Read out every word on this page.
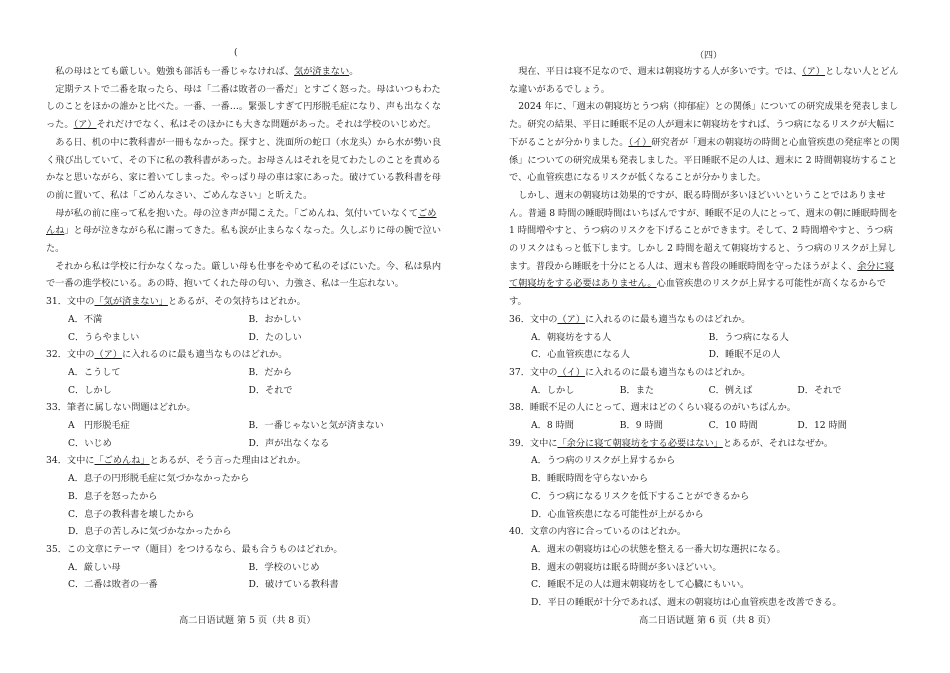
(

私の母はとても厳しい。勉強も部活も一番じゃなければ、気が済まない。

定期テストで二番を取ったら、母は「二番は敗者の一番だ」とすごく怒った。母はいつもわたしのことをほかの誰かと比べた。一番、一番…。緊張しすぎて円形脱毛症になり、声も出なくなった。（ア）それだけでなく、私はそのほかにも大きな問題があった。それは学校のいじめだ。

ある日、机の中に教科書が一冊もなかった。探すと、洗面所の蛇口（水龙头）から水が勢い良く飛び出していて、その下に私の教科書があった。お母さんはそれを見てわたしのことを責めるかなと思いながら、家に着いてしまった。やっぱり母の車は家にあった。破けている教科書を母の前に置いて、私は「ごめんなさい、ごめんなさい」と昕えた。

母が私の前に座って私を抱いた。母の泣き声が聞こえた。「ごめんね、気付いていなくてごめんね」と母が泣きながら私に謝ってきた。私も涙が止まらなくなった。久しぶりに母の腕で泣いた。

それから私は学校に行かなくなった。厳しい母も仕事をやめて私のそばにいた。今、私は県内で一番の進学校にいる。あの時、抱いてくれた母の匂い、力強さ、私は一生忘れない。

31．文中の「気が済まない」とあるが、その気持ちはどれか。

A．不満	B．おかしい
C．うらやましい	D．たのしい

32．文中の（ア）に入れるのに最も適当なものはどれか。

A．こうして	B．だから
C．しかし	D．それで

33．筆者に属しない問題はどれか。

A　円形脱毛症	B．一番じゃないと気が済まない
C．いじめ	D．声が出なくなる

34．文中に「ごめんね」とあるが、そう言った理由はどれか。

A．息子の円形脱毛症に気づかなかったから
B．息子を怒ったから
C．息子の教科書を壊したから
D．息子の苦しみに気づかなかったから

35．この文章にテーマ（題目）をつけるなら、最も合うものはどれか。

A．厳しい母	B．学校のいじめ
C．二番は敗者の一番	D．破けている教科書
高二日语试题 第 5 页（共 8 页）
（四）

現在、平日は寝不足なので、週末は朝寝坊する人が多いです。では、（ア）としない人とどんな違いがあるでしょう。

2024 年に、「週末の朝寝坊とうつ病（抑郁症）との関係」についての研究成果を発表しました。研究の結果、平日に睡眠不足の人が週末に朝寝坊をすれば、うつ病になるリスクが大幅に下がることが分かりました。（イ）研究者が「週末の朝寝坊の時間と心血管疾患の発症率との関係」についての研究成果も発表しました。平日睡眠不足の人は、週末に 2 時間朝寝坊することで、心血管疾患になるリスクが低くなることが分かりました。

しかし、週末の朝寝坊は効果的ですが、眠る時間が多いほどいいということではありません。普通 8 時間の睡眠時間はいちばんですが、睡眠不足の人にとって、週末の朝に睡眠時間を 1 時間増やすと、うつ病のリスクを下げることができます。そして、2 時間増やすと、うつ病のリスクはもっと低下します。しかし 2 時間を超えて朝寝坊すると、うつ病のリスクが上昇します。普段から睡眠を十分にとる人は、週末も普段の睡眠時間を守ったほうがよく、余分に寝て朝寝坊をする必要はありません。心血管疾患のリスクが上昇する可能性が高くなるからです。

36．文中の（ア）に入れるのに最も適当なものはどれか。

A．朝寝坊をする人	B．うつ病になる人
C．心血管疾患になる人	D．睡眠不足の人

37．文中の（イ）に入れるのに最も適当なものはどれか。

A．しかし	B．また	C．例えば	D．それで

38．睡眠不足の人にとって、週末はどのくらい寝るのがいちばんか。

A．8 時間	B．9 時間	C．10 時間	D．12 時間

39．文中に「余分に寝て朝寝坊をする必要はない」とあるが、それはなぜか。

A．うつ病のリスクが上昇するから
B．睡眠時間を守らないから
C．うつ病になるリスクを低下することができるから
D．心血管疾患になる可能性が上がるから

40．文章の内容に合っているのはどれか。

A．週末の朝寝坊は心の状態を整える一番大切な選択になる。
B．週末の朝寝坊は眠る時間が多いほどいい。
C．睡眠不足の人は週末朝寝坊をして心臓にもいい。
D．平日の睡眠が十分であれば、週末の朝寝坊は心血管疾患を改善できる。
高二日语试题 第 6 页（共 8 页）
